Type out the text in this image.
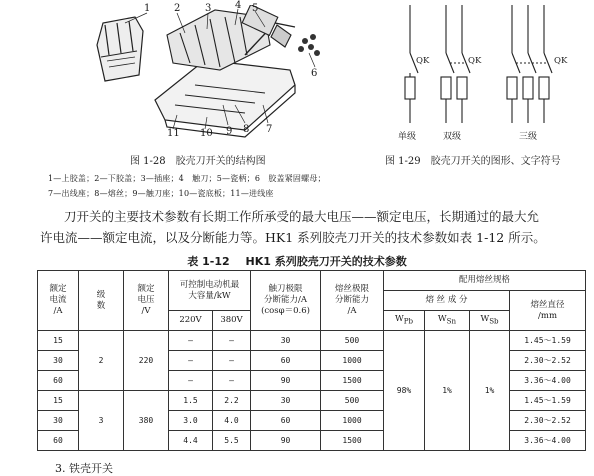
1 2 3 4 5
6
7
8
9
10
11
QK	QK	QK
单级	双级	三级
图 1-28　胶壳刀开关的结构图	图 1-29　胶壳刀开关的图形、文字符号
1—上胶盖；2—下胶盖；3—插座；4　触刀；5—瓷柄；6　胶盖紧固螺母；
7—出线座；8—熔丝；9—触刀座；10—瓷底板；11—进线座
刀开关的主要技术参数有长期工作所承受的最大电压——额定电压，长期通过的最大允
许电流——额定电流，以及分断能力等。HK1 系列胶壳刀开关的技术参数如表 1-12 所示。
表 1-12 HK1 系列胶壳刀开关的技术参数
额定
电流
/A	级
数	额定
电压
/V	可控制电动机最
大容量/kW		触刀极限
分断能力/A
(cosφ＝0.6)	熔丝极限
分断能力
/A	配用熔丝规格			
							熔 丝 成 分			熔丝直径
/mm
			220V	380V			$W_{Pb}$	$W_{Sn}$	$W_{Sb}$
15	2	220	—	—	30	500	98%	1%	1%	1.45～1.59
30			—	—	60	1000				2.30～2.52
60			—	—	90	1500				3.36～4.00
15	3	380	1.5	2.2	30	500				1.45～1.59
30			3.0	4.0	60	1000				2.30～2.52
60			4.4	5.5	90	1500				3.36～4.00
3. 铁壳开关
